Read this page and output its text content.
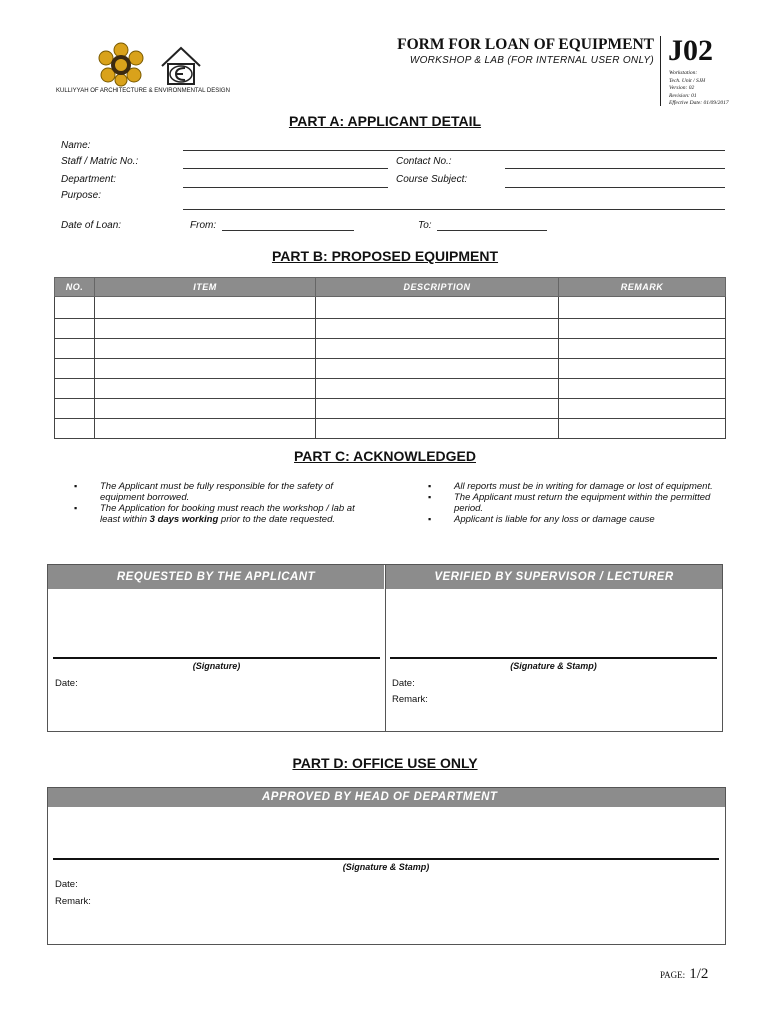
KULLIYYAH OF ARCHITECTURE & ENVIRONMENTAL DESIGN
FORM FOR LOAN OF EQUIPMENT
WORKSHOP & LAB (FOR INTERNAL USER ONLY) J02
Workstation:
Tech. Unit / SJH
Version: 02
Revision: 01
Effective Date: 01/09/2017
PART A: APPLICANT DETAIL
Name:
Staff / Matric No.:	Contact No.:
Department:	Course Subject:
Purpose:
Date of Loan:	From:	To:
PART B: PROPOSED EQUIPMENT
NO.	ITEM	DESCRIPTION	REMARK

PART C: ACKNOWLEDGED
▪ The Applicant must be fully responsible for the safety of equipment borrowed.
▪ The Application for booking must reach the workshop / lab at least within 3 days working prior to the date requested.
▪ All reports must be in writing for damage or lost of equipment.
▪ The Applicant must return the equipment within the permitted period.
▪ Applicant is liable for any loss or damage cause
REQUESTED BY THE APPLICANT	VERIFIED BY SUPERVISOR / LECTURER
(Signature)
Date:
(Signature & Stamp)
Date:
Remark:
PART D: OFFICE USE ONLY
APPROVED BY HEAD OF DEPARTMENT
(Signature & Stamp)
Date:
Remark:
PAGE: 1/2
